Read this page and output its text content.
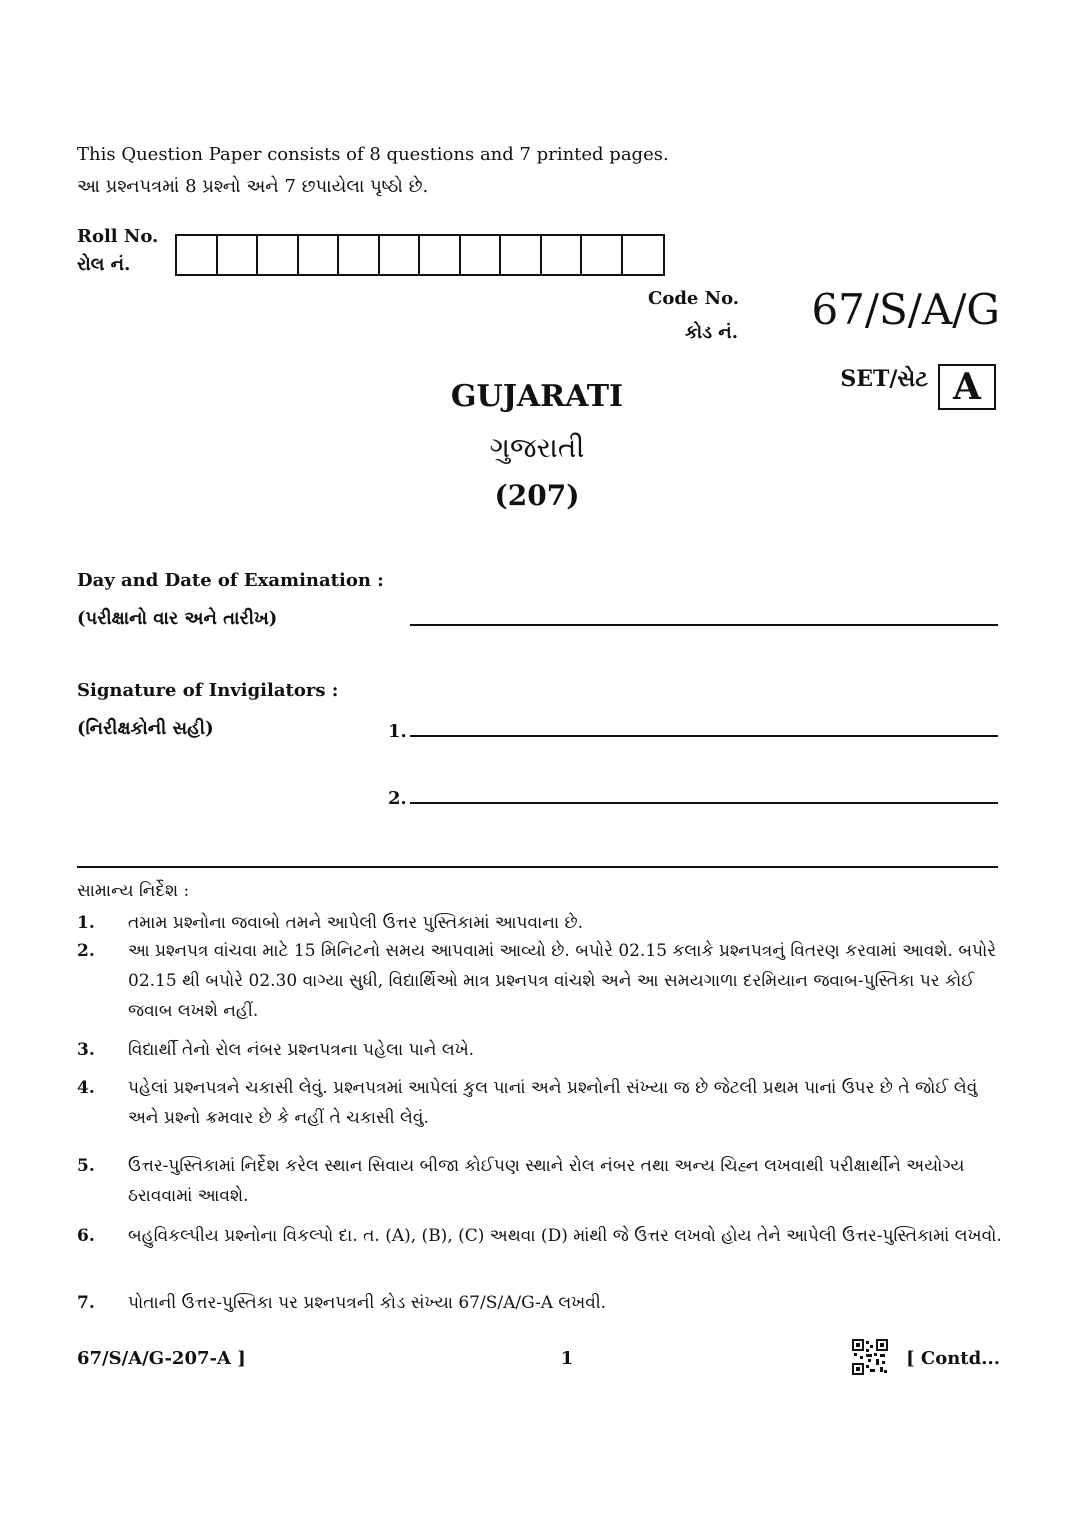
This Question Paper consists of 8 questions and 7 printed pages.
આ પ્રશ્નપત્રમાં 8 પ્રશ્નો અને 7 છપાયેલા પૃષ્ઠો છે.
Roll No.
રોલ નં.
Code No.
કોડ નં.	67/S/A/G
SET/સેટ A
GUJARATI
ગુજરાતી
(207)
Day and Date of Examination :
(પરીક્ષાનો વાર અને તારીખ)
Signature of Invigilators :
(નિરીક્ષકોની સહી)	1.
2.
સામાન્ય નિર્દેશ :
1. તમામ પ્રશ્નોના જવાબો તમને આપેલી ઉત્તર પુસ્તિકામાં આપવાના છે.
2. આ પ્રશ્નપત્ર વાંચવા માટે 15 મિનિટનો સમય આપવામાં આવ્યો છે. બપોરે 02.15 કલાકે પ્રશ્નપત્રનું વિતરણ કરવામાં આવશે. બપોરે 02.15 થી બપોરે 02.30 વાગ્યા સુધી, વિદ્યાર્થિઓ માત્ર પ્રશ્નપત્ર વાંચશે અને આ સમયગાળા દરમિયાન જવાબ-પુસ્તિકા પર કોઈ જવાબ લખશે નહીં.
3. વિદ્યાર્થી તેનો રોલ નંબર પ્રશ્નપત્રના પહેલા પાને લખે.
4. પહેલાં પ્રશ્નપત્રને ચકાસી લેવું. પ્રશ્નપત્રમાં આપેલાં કુલ પાનાં અને પ્રશ્નોની સંખ્યા જ છે જેટલી પ્રથમ પાનાં ઉપર છે તે જોઈ લેવું અને પ્રશ્નો ક્રમવાર છે કે નહીં તે ચકાસી લેવું.
5. ઉત્તર-પુસ્તિકામાં નિર્દેશ કરેલ સ્થાન સિવાય બીજા કોઈપણ સ્થાને રોલ નંબર તથા અન્ય ચિહ્ન લખવાથી પરીક્ષાર્થીને અયોગ્ય ઠરાવવામાં આવશે.
6. બહુવિકલ્પીય પ્રશ્નોના વિકલ્પો દા. ત. (A), (B), (C) અથવા (D) માંથી જે ઉત્તર લખવો હોય તેને આપેલી ઉત્તર-પુસ્તિકામાં લખવો.
7. પોતાની ઉત્તર-પુસ્તિકા પર પ્રશ્નપત્રની કોડ સંખ્યા 67/S/A/G-A લખવી.
67/S/A/G-207-A ]	1	[ Contd...
